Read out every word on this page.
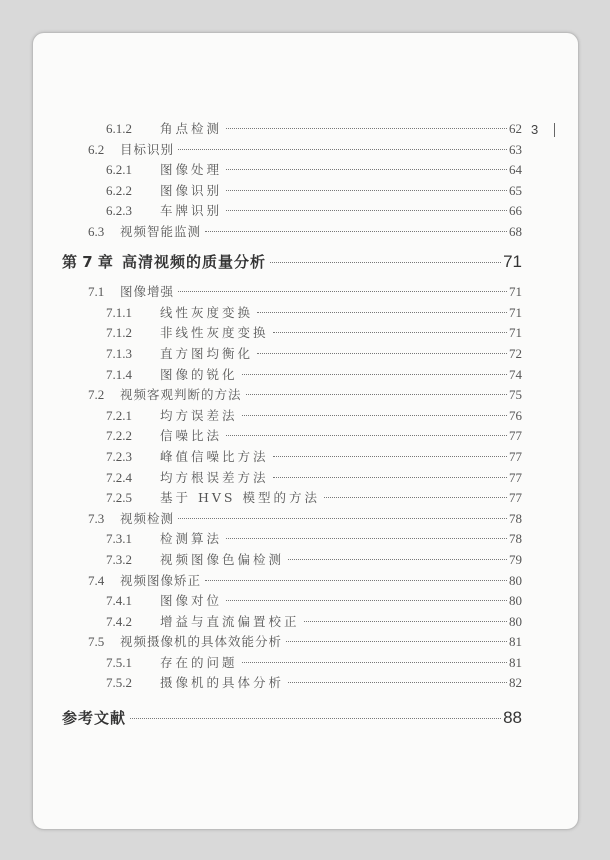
3
6.1.2	角点检测	62
6.2	目标识别	63
6.2.1	图像处理	64
6.2.2	图像识别	65
6.2.3	车牌识别	66
6.3	视频智能监测	68
第 7 章 高清视频的质量分析	71
7.1	图像增强	71
7.1.1	线性灰度变换	71
7.1.2	非线性灰度变换	71
7.1.3	直方图均衡化	72
7.1.4	图像的锐化	74
7.2	视频客观判断的方法	75
7.2.1	均方误差法	76
7.2.2	信噪比法	77
7.2.3	峰值信噪比方法	77
7.2.4	均方根误差方法	77
7.2.5	基于 HVS 模型的方法	77
7.3	视频检测	78
7.3.1	检测算法	78
7.3.2	视频图像色偏检测	79
7.4	视频图像矫正	80
7.4.1	图像对位	80
7.4.2	增益与直流偏置校正	80
7.5	视频摄像机的具体效能分析	81
7.5.1	存在的问题	81
7.5.2	摄像机的具体分析	82
参考文献	88
